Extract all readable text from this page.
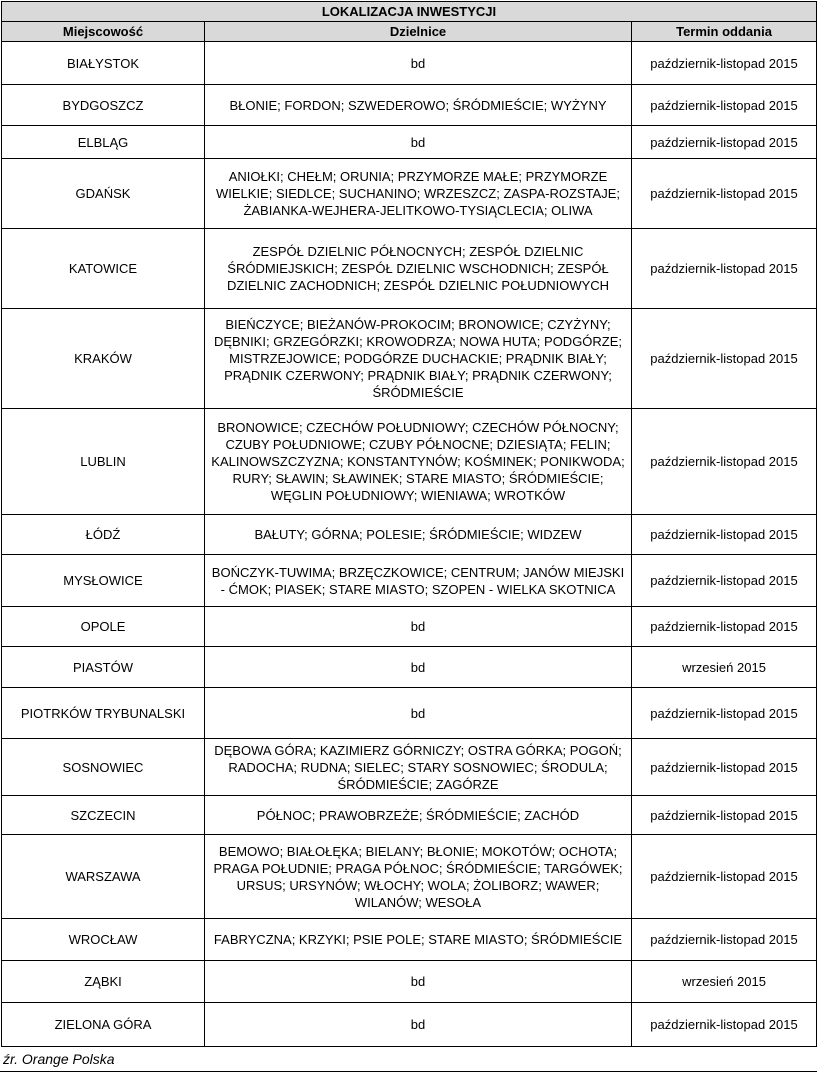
LOKALIZACJA INWESTYCJI		
Miejscowość	Dzielnice	Termin oddania
BIAŁYSTOK	bd	październik-listopad 2015
BYDGOSZCZ	BŁONIE; FORDON; SZWEDEROWO; ŚRÓDMIEŚCIE; WYŻYNY	październik-listopad 2015
ELBLĄG	bd	październik-listopad 2015
GDAŃSK	ANIOŁKI; CHEŁM; ORUNIA; PRZYMORZE MAŁE; PRZYMORZE WIELKIE; SIEDLCE; SUCHANINO; WRZESZCZ; ZASPA-ROZSTAJE; ŻABIANKA-WEJHERA-JELITKOWO-TYSIĄCLECIA; OLIWA	październik-listopad 2015
KATOWICE	ZESPÓŁ DZIELNIC PÓŁNOCNYCH; ZESPÓŁ DZIELNIC ŚRÓDMIEJSKICH; ZESPÓŁ DZIELNIC WSCHODNICH; ZESPÓŁ DZIELNIC ZACHODNICH; ZESPÓŁ DZIELNIC POŁUDNIOWYCH	październik-listopad 2015
KRAKÓW	BIEŃCZYCE; BIEŻANÓW-PROKOCIM; BRONOWICE; CZYŻYNY; DĘBNIKI; GRZEGÓRZKI; KROWODRZA; NOWA HUTA; PODGÓRZE; MISTRZEJOWICE; PODGÓRZE DUCHACKIE; PRĄDNIK BIAŁY; PRĄDNIK CZERWONY; PRĄDNIK BIAŁY; PRĄDNIK CZERWONY; ŚRÓDMIEŚCIE	październik-listopad 2015
LUBLIN	BRONOWICE; CZECHÓW POŁUDNIOWY; CZECHÓW PÓŁNOCNY; CZUBY POŁUDNIOWE; CZUBY PÓŁNOCNE; DZIESIĄTA; FELIN; KALINOWSZCZYZNA; KONSTANTYNÓW; KOŚMINEK; PONIKWODA; RURY; SŁAWIN; SŁAWINEK; STARE MIASTO; ŚRÓDMIEŚCIE; WĘGLIN POŁUDNIOWY; WIENIAWA; WROTKÓW	październik-listopad 2015
ŁÓDŹ	BAŁUTY; GÓRNA; POLESIE; ŚRÓDMIEŚCIE; WIDZEW	październik-listopad 2015
MYSŁOWICE	BOŃCZYK-TUWIMA; BRZĘCZKOWICE; CENTRUM; JANÓW MIEJSKI - ĆMOK; PIASEK; STARE MIASTO; SZOPEN - WIELKA SKOTNICA	październik-listopad 2015
OPOLE	bd	październik-listopad 2015
PIASTÓW	bd	wrzesień 2015
PIOTRKÓW TRYBUNALSKI	bd	październik-listopad 2015
SOSNOWIEC	DĘBOWA GÓRA; KAZIMIERZ GÓRNICZY; OSTRA GÓRKA; POGOŃ; RADOCHA; RUDNA; SIELEC; STARY SOSNOWIEC; ŚRODULA; ŚRÓDMIEŚCIE; ZAGÓRZE	październik-listopad 2015
SZCZECIN	PÓŁNOC; PRAWOBRZEŻE; ŚRÓDMIEŚCIE; ZACHÓD	październik-listopad 2015
WARSZAWA	BEMOWO; BIAŁOŁĘKA; BIELANY; BŁONIE; MOKOTÓW; OCHOTA; PRAGA POŁUDNIE; PRAGA PÓŁNOC; ŚRÓDMIEŚCIE; TARGÓWEK; URSUS; URSYNÓW; WŁOCHY; WOLA; ŻOLIBORZ; WAWER; WILANÓW; WESOŁA	październik-listopad 2015
WROCŁAW	FABRYCZNA; KRZYKI; PSIE POLE; STARE MIASTO; ŚRÓDMIEŚCIE	październik-listopad 2015
ZĄBKI	bd	wrzesień 2015
ZIELONA GÓRA	bd	październik-listopad 2015
źr. Orange Polska
